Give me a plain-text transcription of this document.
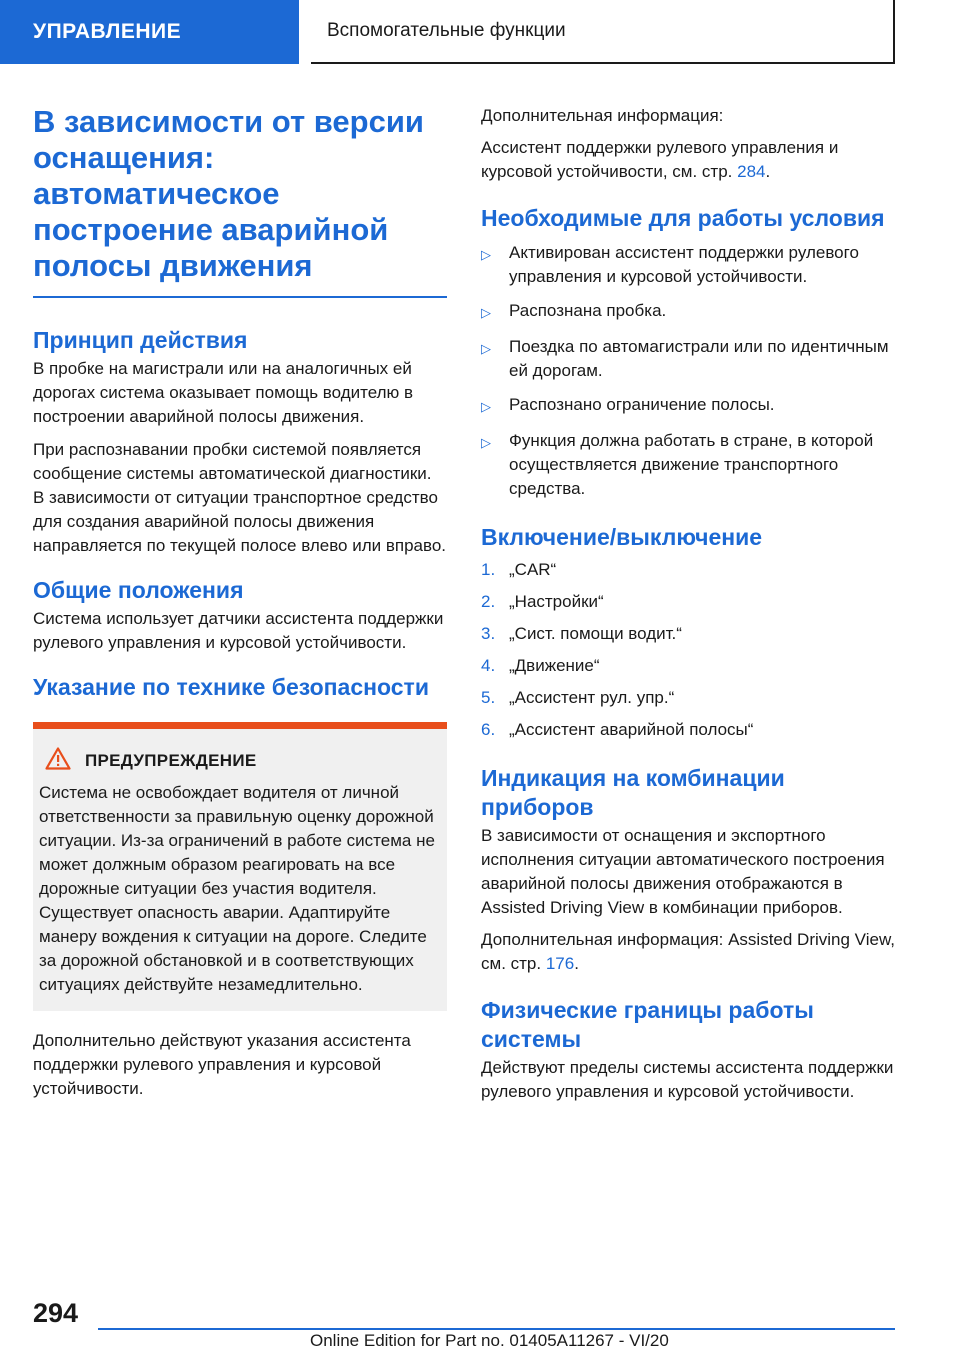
УПРАВЛЕНИЕ	Вспомогательные функции
В зависимости от версии оснащения: автоматическое построение аварийной полосы движения
Принцип действия

В пробке на магистрали или на аналогичных ей дорогах система оказывает помощь водителю в построении аварийной полосы движения.

При распознавании пробки системой появляется сообщение системы автоматической диагностики. В зависимости от ситуации транспортное средство для создания аварийной полосы движения направляется по текущей полосе влево или вправо.

Общие положения

Система использует датчики ассистента поддержки рулевого управления и курсовой устойчивости.

Указание по технике безопасности
ПРЕДУПРЕЖДЕНИЕ
Система не освобождает водителя от личной ответственности за правильную оценку дорожной ситуации. Из-за ограничений в работе система не может должным образом реагировать на все дорожные ситуации без участия водителя. Существует опасность аварии. Адаптируйте манеру вождения к ситуации на дороге. Следите за дорожной обстановкой и в соответствующих ситуациях действуйте незамедлительно.

Дополнительно действуют указания ассистента поддержки рулевого управления и курсовой устойчивости.

Дополнительная информация:

Ассистент поддержки рулевого управления и курсовой устойчивости, см. стр. 284.

Необходимые для работы условия
▷	Активирован ассистент поддержки рулевого управления и курсовой устойчивости.
▷	Распознана пробка.
▷	Поездка по автомагистрали или по идентичным ей дорогам.
▷	Распознано ограничение полосы.
▷	Функция должна работать в стране, в которой осуществляется движение транспортного средства.
Включение/выключение
1. „CAR“
2. „Настройки“
3. „Сист. помощи водит.“
4. „Движение“
5. „Ассистент рул. упр.“
6. „Ассистент аварийной полосы“
Индикация на комбинации приборов

В зависимости от оснащения и экспортного исполнения ситуации автоматического построения аварийной полосы движения отображаются в Assisted Driving View в комбинации приборов.

Дополнительная информация: Assisted Driving View, см. стр. 176.

Физические границы работы системы

Действуют пределы системы ассистента поддержки рулевого управления и курсовой устойчивости.

294
Online Edition for Part no. 01405A11267 - VI/20
